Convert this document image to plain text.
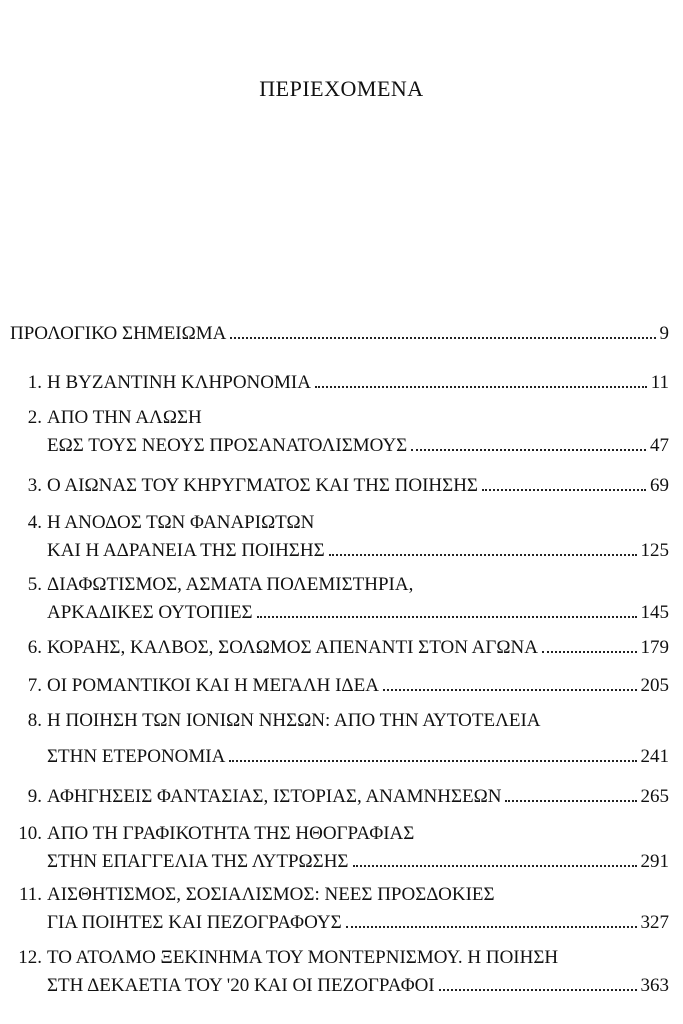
ΠΕΡΙΕΧΟΜΕΝΑ
ΠΡΟΛΟΓΙΚΟ ΣΗΜΕΙΩΜΑ	9
1. Η ΒΥΖΑΝΤΙΝΗ ΚΛΗΡΟΝΟΜΙΑ	11
2. ΑΠΟ ΤΗΝ ΑΛΩΣΗ
ΕΩΣ ΤΟΥΣ ΝΕΟΥΣ ΠΡΟΣΑΝΑΤΟΛΙΣΜΟΥΣ	47
3. Ο ΑΙΩΝΑΣ ΤΟΥ ΚΗΡΥΓΜΑΤΟΣ ΚΑΙ ΤΗΣ ΠΟΙΗΣΗΣ	69
4. Η ΑΝΟΔΟΣ ΤΩΝ ΦΑΝΑΡΙΩΤΩΝ
ΚΑΙ Η ΑΔΡΑΝΕΙΑ ΤΗΣ ΠΟΙΗΣΗΣ	125
5. ΔΙΑΦΩΤΙΣΜΟΣ, ΑΣΜΑΤΑ ΠΟΛΕΜΙΣΤΗΡΙΑ,
ΑΡΚΑΔΙΚΕΣ ΟΥΤΟΠΙΕΣ	145
6. ΚΟΡΑΗΣ, ΚΑΛΒΟΣ, ΣΟΛΩΜΟΣ ΑΠΕΝΑΝΤΙ ΣΤΟΝ ΑΓΩΝΑ	179
7. ΟΙ ΡΟΜΑΝΤΙΚΟΙ ΚΑΙ Η ΜΕΓΑΛΗ ΙΔΕΑ	205
8. Η ΠΟΙΗΣΗ ΤΩΝ ΙΟΝΙΩΝ ΝΗΣΩΝ: ΑΠΟ ΤΗΝ ΑΥΤΟΤΕΛΕΙΑ
ΣΤΗΝ ΕΤΕΡΟΝΟΜΙΑ	241
9. ΑΦΗΓΗΣΕΙΣ ΦΑΝΤΑΣΙΑΣ, ΙΣΤΟΡΙΑΣ, ΑΝΑΜΝΗΣΕΩΝ	265
10. ΑΠΟ ΤΗ ΓΡΑΦΙΚΟΤΗΤΑ ΤΗΣ ΗΘΟΓΡΑΦΙΑΣ
ΣΤΗΝ ΕΠΑΓΓΕΛΙΑ ΤΗΣ ΛΥΤΡΩΣΗΣ	291
11. ΑΙΣΘΗΤΙΣΜΟΣ, ΣΟΣΙΑΛΙΣΜΟΣ: ΝΕΕΣ ΠΡΟΣΔΟΚΙΕΣ
ΓΙΑ ΠΟΙΗΤΕΣ ΚΑΙ ΠΕΖΟΓΡΑΦΟΥΣ	327
12. ΤΟ ΑΤΟΛΜΟ ΞΕΚΙΝΗΜΑ ΤΟΥ ΜΟΝΤΕΡΝΙΣΜΟΥ. Η ΠΟΙΗΣΗ
ΣΤΗ ΔΕΚΑΕΤΙΑ ΤΟΥ '20 ΚΑΙ ΟΙ ΠΕΖΟΓΡΑΦΟΙ	363
